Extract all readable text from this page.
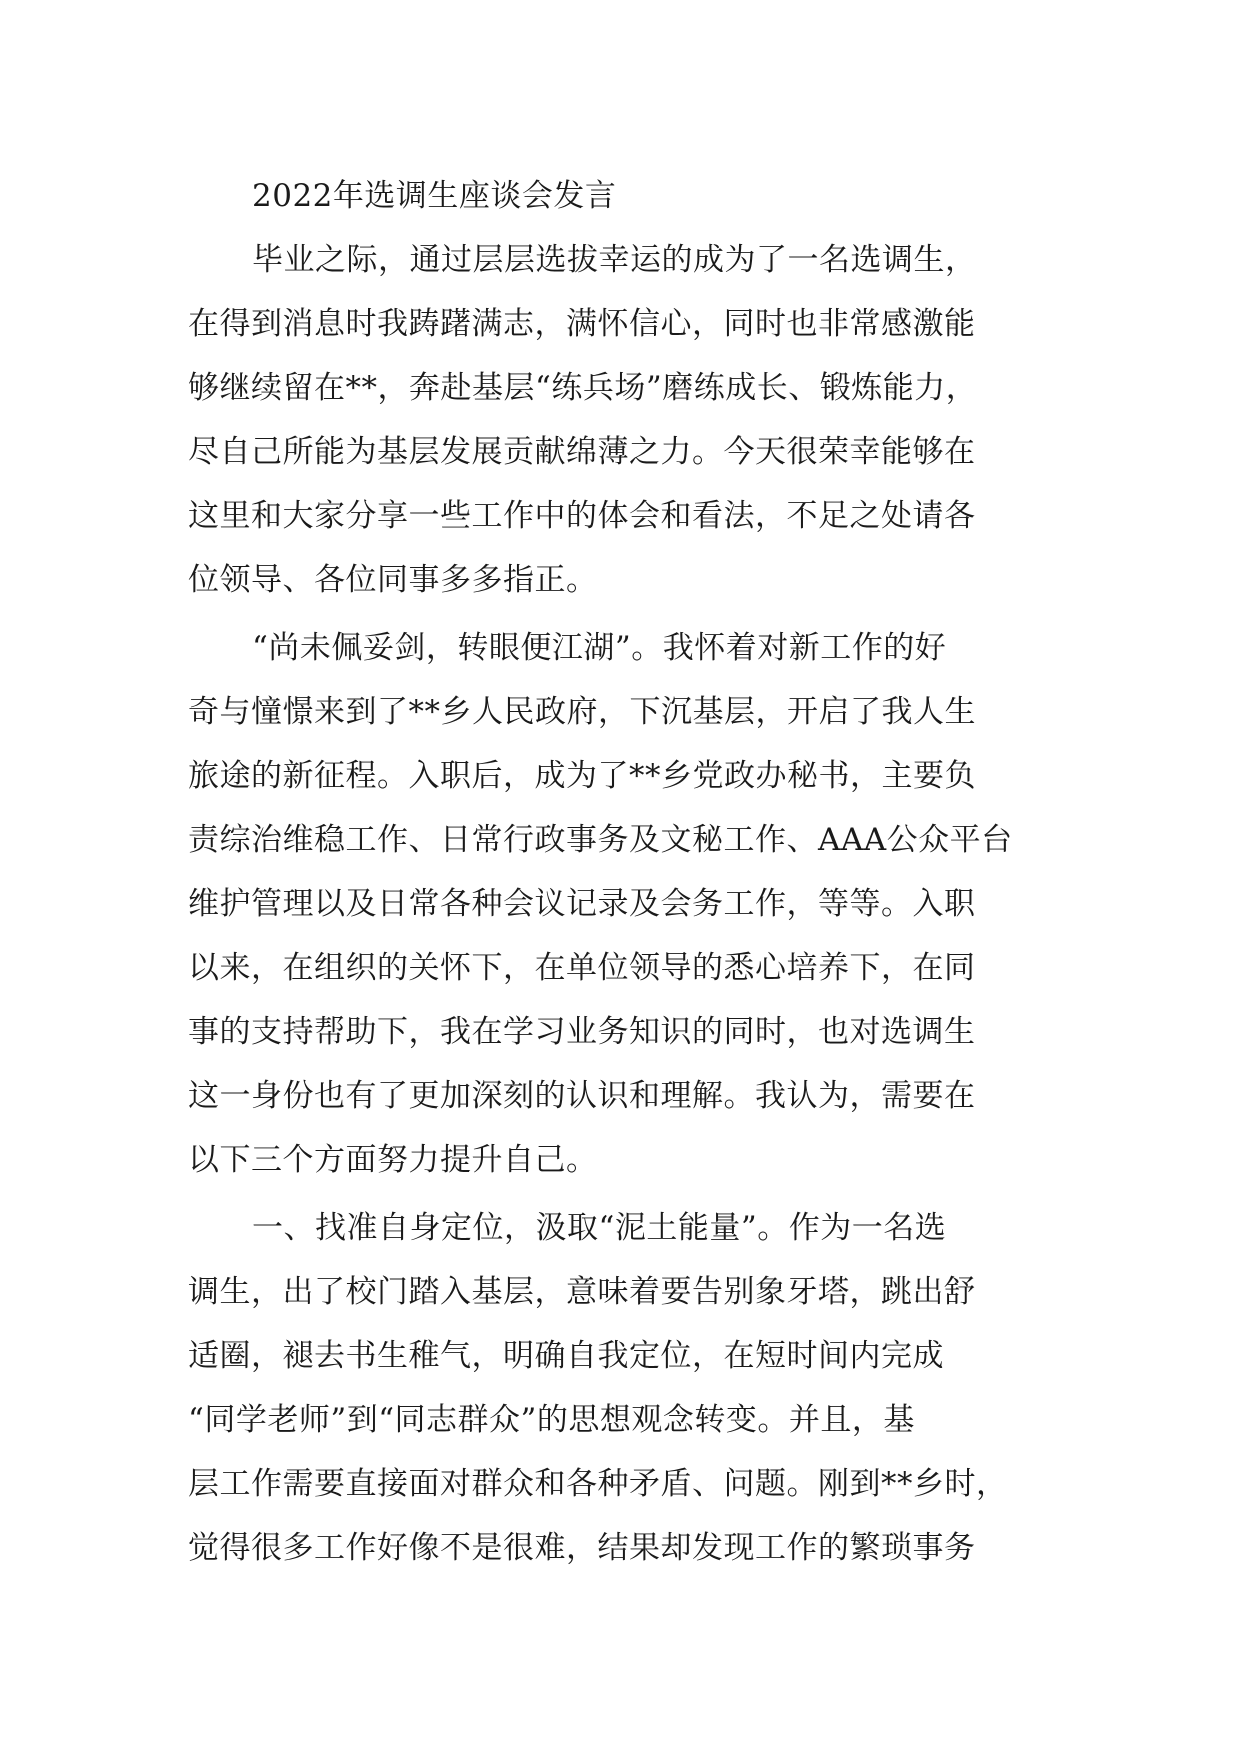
2022年选调生座谈会发言
毕业之际，通过层层选拔幸运的成为了一名选调生，
在得到消息时我踌躇满志，满怀信心，同时也非常感激能
够继续留在**，奔赴基层“练兵场”磨练成长、锻炼能力，
尽自己所能为基层发展贡献绵薄之力。今天很荣幸能够在
这里和大家分享一些工作中的体会和看法，不足之处请各
位领导、各位同事多多指正。
“尚未佩妥剑，转眼便江湖”。我怀着对新工作的好
奇与憧憬来到了**乡人民政府，下沉基层，开启了我人生
旅途的新征程。入职后，成为了**乡党政办秘书，主要负
责综治维稳工作、日常行政事务及文秘工作、AAA公众平台
维护管理以及日常各种会议记录及会务工作，等等。入职
以来，在组织的关怀下，在单位领导的悉心培养下，在同
事的支持帮助下，我在学习业务知识的同时，也对选调生
这一身份也有了更加深刻的认识和理解。我认为，需要在
以下三个方面努力提升自己。
一、找准自身定位，汲取“泥土能量”。作为一名选
调生，出了校门踏入基层，意味着要告别象牙塔，跳出舒
适圈，褪去书生稚气，明确自我定位，在短时间内完成
“同学老师”到“同志群众”的思想观念转变。并且，基
层工作需要直接面对群众和各种矛盾、问题。刚到**乡时，
觉得很多工作好像不是很难，结果却发现工作的繁琐事务
